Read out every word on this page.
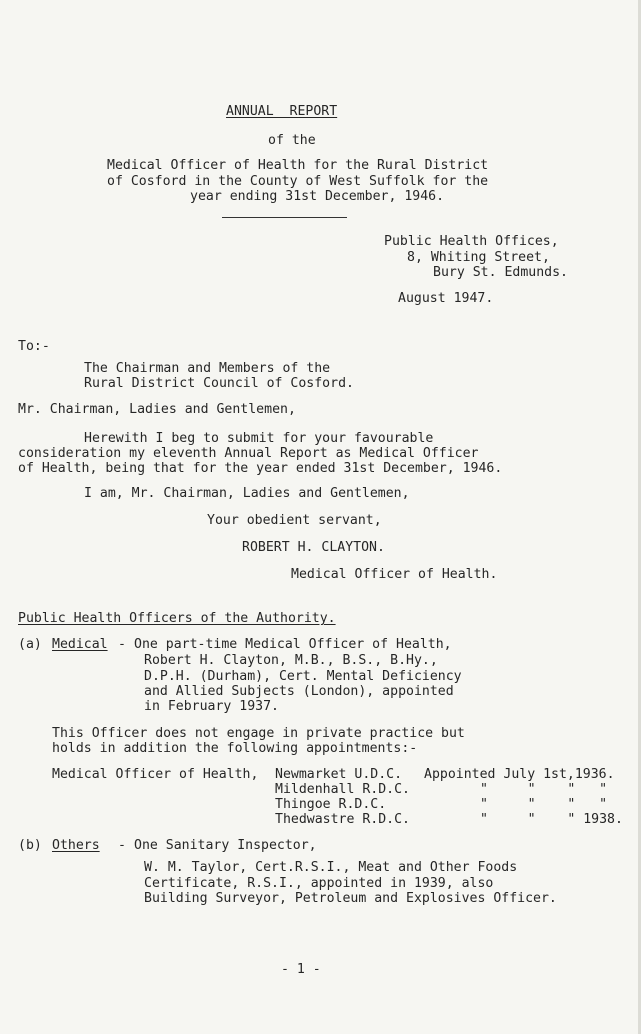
ANNUAL  REPORT
of the
Medical Officer of Health for the Rural District
of Cosford in the County of West Suffolk for the
year ending 31st December, 1946.
Public Health Offices,
8, Whiting Street,
Bury St. Edmunds.
August 1947.
To:-
The Chairman and Members of the
Rural District Council of Cosford.
Mr. Chairman, Ladies and Gentlemen,
Herewith I beg to submit for your favourable
consideration my eleventh Annual Report as Medical Officer
of Health, being that for the year ended 31st December, 1946.
I am, Mr. Chairman, Ladies and Gentlemen,
Your obedient servant,
ROBERT H. CLAYTON.
Medical Officer of Health.
Public Health Officers of the Authority.
(a) Medical - One part-time Medical Officer of Health,
Robert H. Clayton, M.B., B.S., B.Hy.,
D.P.H. (Durham), Cert. Mental Deficiency
and Allied Subjects (London), appointed
in February 1937.
This Officer does not engage in private practice but
holds in addition the following appointments:-
Medical Officer of Health, Newmarket U.D.C. Appointed July 1st,1936.
Mildenhall R.D.C.	"     "    "   "
Thingoe R.D.C.	"     "    "   "
Thedwastre R.D.C.	"     "    " 1938.
(b) Others - One Sanitary Inspector,
W. M. Taylor, Cert.R.S.I., Meat and Other Foods
Certificate, R.S.I., appointed in 1939, also
Building Surveyor, Petroleum and Explosives Officer.
- 1 -
